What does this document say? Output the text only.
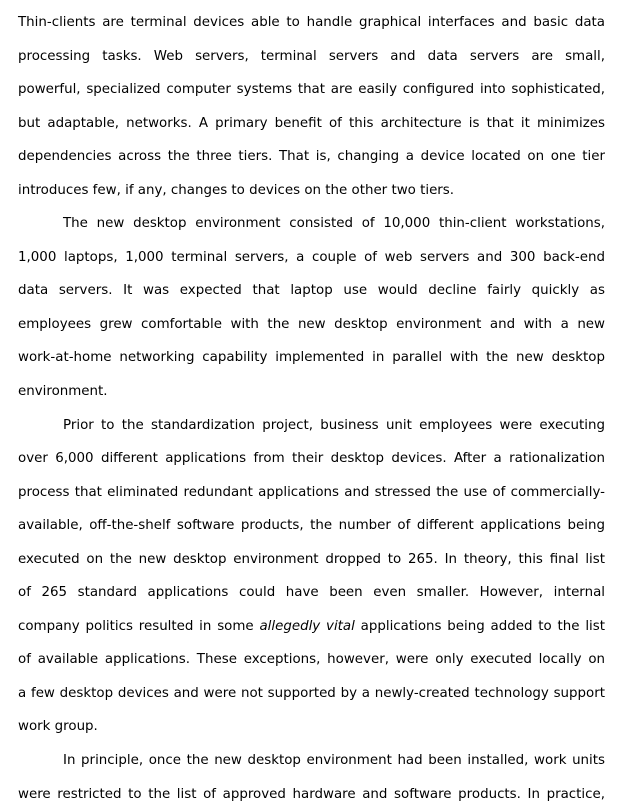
Thin-clients are terminal devices able to handle graphical interfaces and basic data
processing tasks. Web servers, terminal servers and data servers are small,
powerful, specialized computer systems that are easily configured into sophisticated,
but adaptable, networks. A primary benefit of this architecture is that it minimizes
dependencies across the three tiers. That is, changing a device located on one tier
introduces few, if any, changes to devices on the other two tiers.
The new desktop environment consisted of 10,000 thin-client workstations,
1,000 laptops, 1,000 terminal servers, a couple of web servers and 300 back-end
data servers. It was expected that laptop use would decline fairly quickly as
employees grew comfortable with the new desktop environment and with a new
work-at-home networking capability implemented in parallel with the new desktop
environment.
Prior to the standardization project, business unit employees were executing
over 6,000 different applications from their desktop devices. After a rationalization
process that eliminated redundant applications and stressed the use of commercially-
available, off-the-shelf software products, the number of different applications being
executed on the new desktop environment dropped to 265. In theory, this final list
of 265 standard applications could have been even smaller. However, internal
company politics resulted in some allegedly vital applications being added to the list
of available applications. These exceptions, however, were only executed locally on
a few desktop devices and were not supported by a newly-created technology support
work group.
In principle, once the new desktop environment had been installed, work units
were restricted to the list of approved hardware and software products. In practice,
